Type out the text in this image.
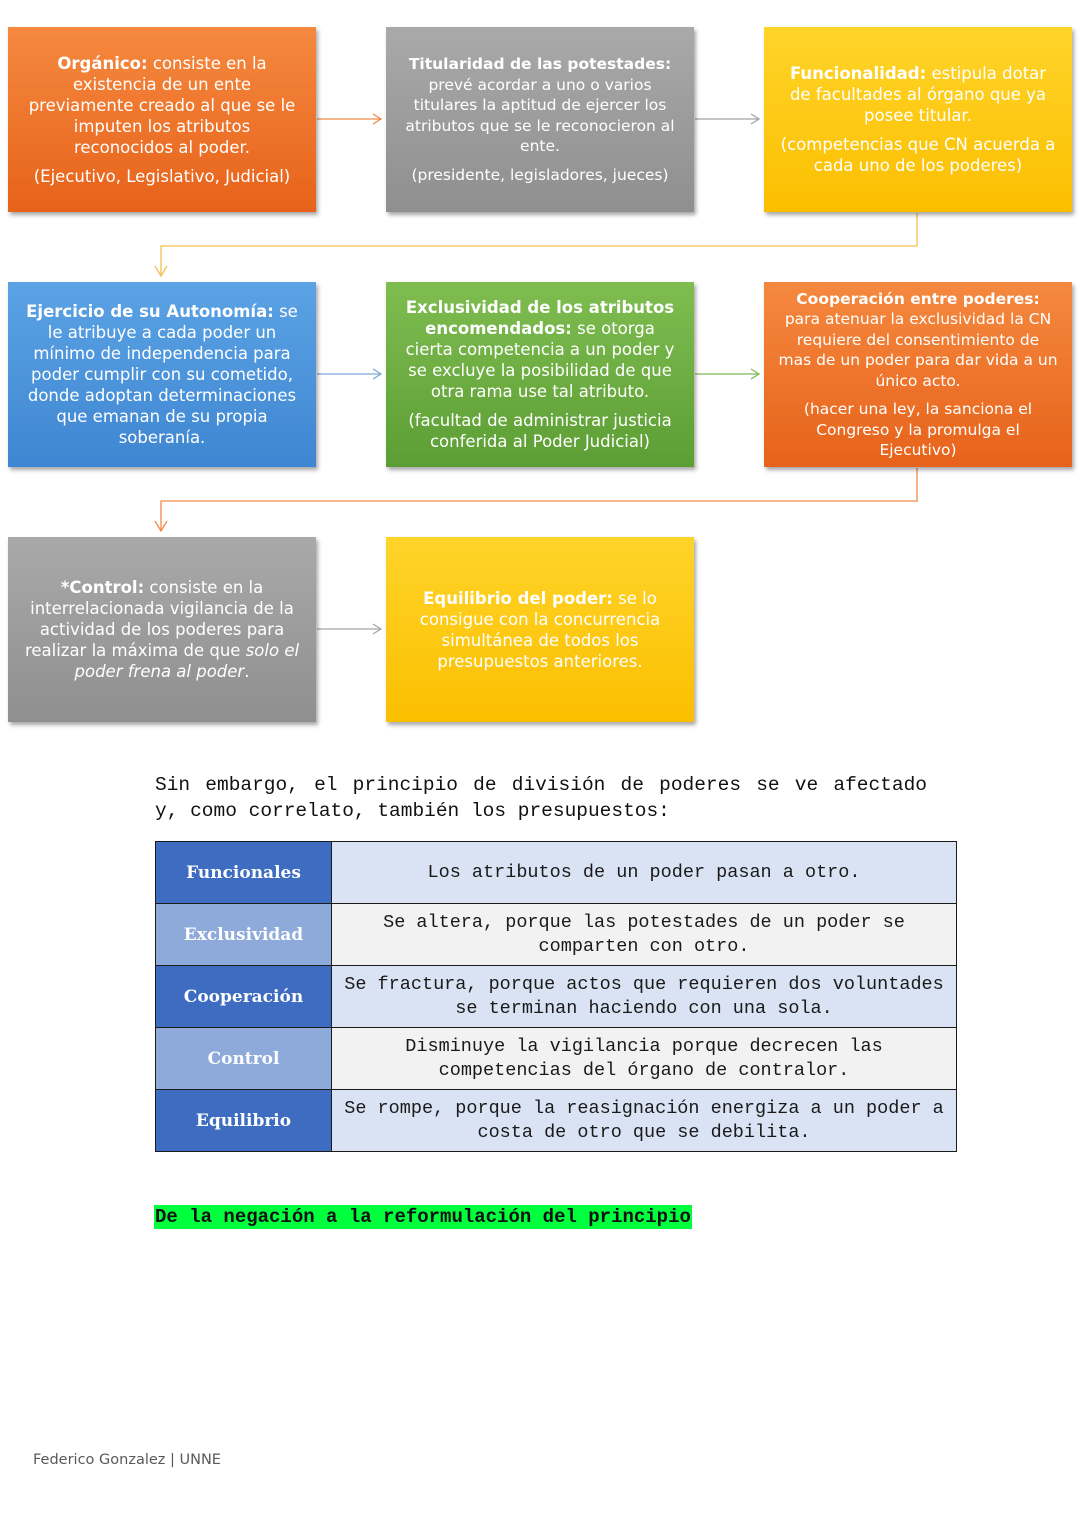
Orgánico: consiste en la existencia de un ente previamente creado al que se le imputen los atributos reconocidos al poder.

(Ejecutivo, Legislativo, Judicial)

Titularidad de las potestades: prevé acordar a uno o varios titulares la aptitud de ejercer los atributos que se le reconocieron al ente.

(presidente, legisladores, jueces)

Funcionalidad: estipula dotar de facultades al órgano que ya posee titular.

(competencias que CN acuerda a cada uno de los poderes)

Ejercicio de su Autonomía: se le atribuye a cada poder un mínimo de independencia para poder cumplir con su cometido, donde adoptan determinaciones que emanan de su propia soberanía.

Exclusividad de los atributos encomendados: se otorga cierta competencia a un poder y se excluye la posibilidad de que otra rama use tal atributo.

(facultad de administrar justicia conferida al Poder Judicial)

Cooperación entre poderes: para atenuar la exclusividad la CN requiere del consentimiento de mas de un poder para dar vida a un único acto.

(hacer una ley, la sanciona el Congreso y la promulga el Ejecutivo)

*Control: consiste en la interrelacionada vigilancia de la actividad de los poderes para realizar la máxima de que solo el poder frena al poder.

Equilibrio del poder: se lo consigue con la concurrencia simultánea de todos los presupuestos anteriores.

Sin embargo, el principio de división de poderes se ve afectado y, como correlato, también los presupuestos:

Funcionales	Los atributos de un poder pasan a otro.
Exclusividad	Se altera, porque las potestades de un poder se comparten con otro.
Cooperación	Se fractura, porque actos que requieren dos voluntades se terminan haciendo con una sola.
Control	Disminuye la vigilancia porque decrecen las competencias del órgano de contralor.
Equilibrio	Se rompe, porque la reasignación energiza a un poder a costa de otro que se debilita.
De la negación a la reformulación del principio
Federico Gonzalez | UNNE
